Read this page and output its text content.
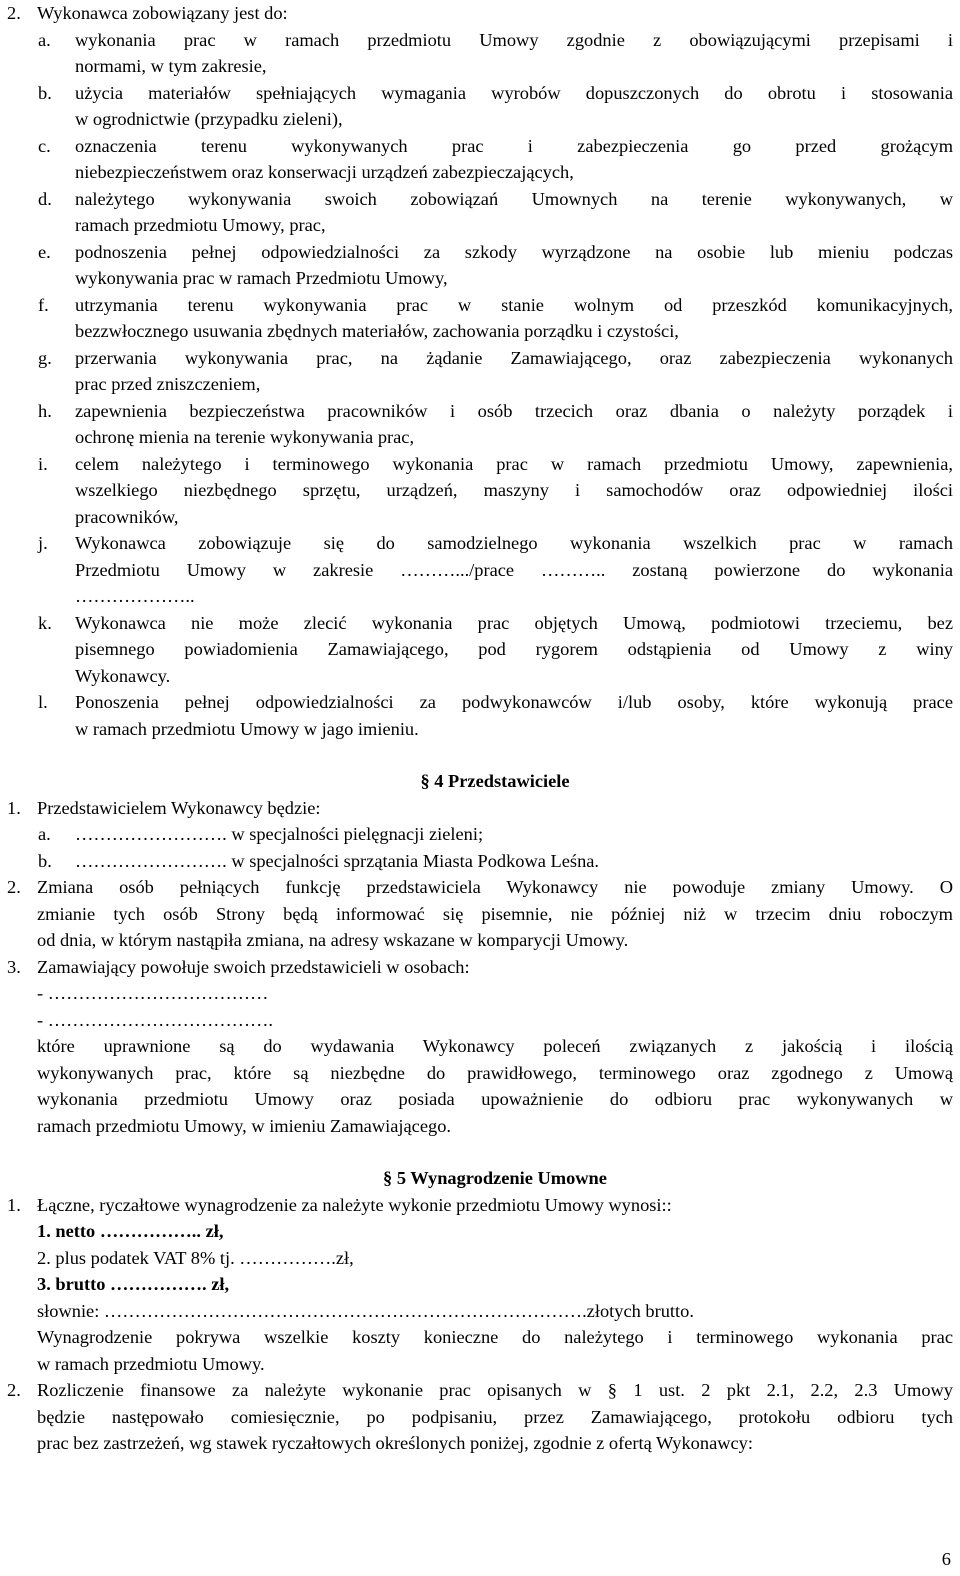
2. Wykonawca zobowiązany jest do:
a. wykonania prac w ramach przedmiotu Umowy zgodnie z obowiązującymi przepisami i
normami, w tym zakresie,
b. użycia materiałów spełniających wymagania wyrobów dopuszczonych do obrotu i stosowania
w ogrodnictwie (przypadku zieleni),
c. oznaczenia terenu wykonywanych prac i zabezpieczenia go przed grożącym
niebezpieczeństwem oraz konserwacji urządzeń zabezpieczających,
d. należytego wykonywania swoich zobowiązań Umownych na terenie wykonywanych, w
ramach przedmiotu Umowy, prac,
e. podnoszenia pełnej odpowiedzialności za szkody wyrządzone na osobie lub mieniu podczas
wykonywania prac w ramach Przedmiotu Umowy,
f. utrzymania terenu wykonywania prac w stanie wolnym od przeszkód komunikacyjnych,
bezzwłocznego usuwania zbędnych materiałów, zachowania porządku i czystości,
g. przerwania wykonywania prac, na żądanie Zamawiającego, oraz zabezpieczenia wykonanych
prac przed zniszczeniem,
h. zapewnienia bezpieczeństwa pracowników i osób trzecich oraz dbania o należyty porządek i
ochronę mienia na terenie wykonywania prac,
i. celem należytego i terminowego wykonania prac w ramach przedmiotu Umowy, zapewnienia,
wszelkiego niezbędnego sprzętu, urządzeń, maszyny i samochodów oraz odpowiedniej ilości
pracowników,
j. Wykonawca zobowiązuje się do samodzielnego wykonania wszelkich prac w ramach
Przedmiotu Umowy w zakresie ……….../prace ……….. zostaną powierzone do wykonania
………………..
k. Wykonawca nie może zlecić wykonania prac objętych Umową, podmiotowi trzeciemu, bez
pisemnego powiadomienia Zamawiającego, pod rygorem odstąpienia od Umowy z winy
Wykonawcy.
l. Ponoszenia pełnej odpowiedzialności za podwykonawców i/lub osoby, które wykonują prace
w ramach przedmiotu Umowy w jago imieniu.
§ 4 Przedstawiciele
1. Przedstawicielem Wykonawcy będzie:
a. ……………………. w specjalności pielęgnacji zieleni;
b. ……………………. w specjalności sprzątania Miasta Podkowa Leśna.
2. Zmiana osób pełniących funkcję przedstawiciela Wykonawcy nie powoduje zmiany Umowy. O
zmianie tych osób Strony będą informować się pisemnie, nie później niż w trzecim dniu roboczym
od dnia, w którym nastąpiła zmiana, na adresy wskazane w komparycji Umowy.
3. Zamawiający powołuje swoich przedstawicieli w osobach:
- ………………………………
- ……………………………….
które uprawnione są do wydawania Wykonawcy poleceń związanych z jakością i ilością
wykonywanych prac, które są niezbędne do prawidłowego, terminowego oraz zgodnego z Umową
wykonania przedmiotu Umowy oraz posiada upoważnienie do odbioru prac wykonywanych w
ramach przedmiotu Umowy, w imieniu Zamawiającego.
§ 5 Wynagrodzenie Umowne
1. Łączne, ryczałtowe wynagrodzenie za należyte wykonie przedmiotu Umowy wynosi::
1. netto …………….. zł,
2. plus podatek VAT 8% tj. …………….zł,
3. brutto ……………. zł,
słownie: …………………………………………………………………….złotych brutto.
Wynagrodzenie pokrywa wszelkie koszty konieczne do należytego i terminowego wykonania prac
w ramach przedmiotu Umowy.
2. Rozliczenie finansowe za należyte wykonanie prac opisanych w § 1 ust. 2 pkt 2.1, 2.2, 2.3 Umowy
będzie następowało comiesięcznie, po podpisaniu, przez Zamawiającego, protokołu odbioru tych
prac bez zastrzeżeń, wg stawek ryczałtowych określonych poniżej, zgodnie z ofertą Wykonawcy:
6
